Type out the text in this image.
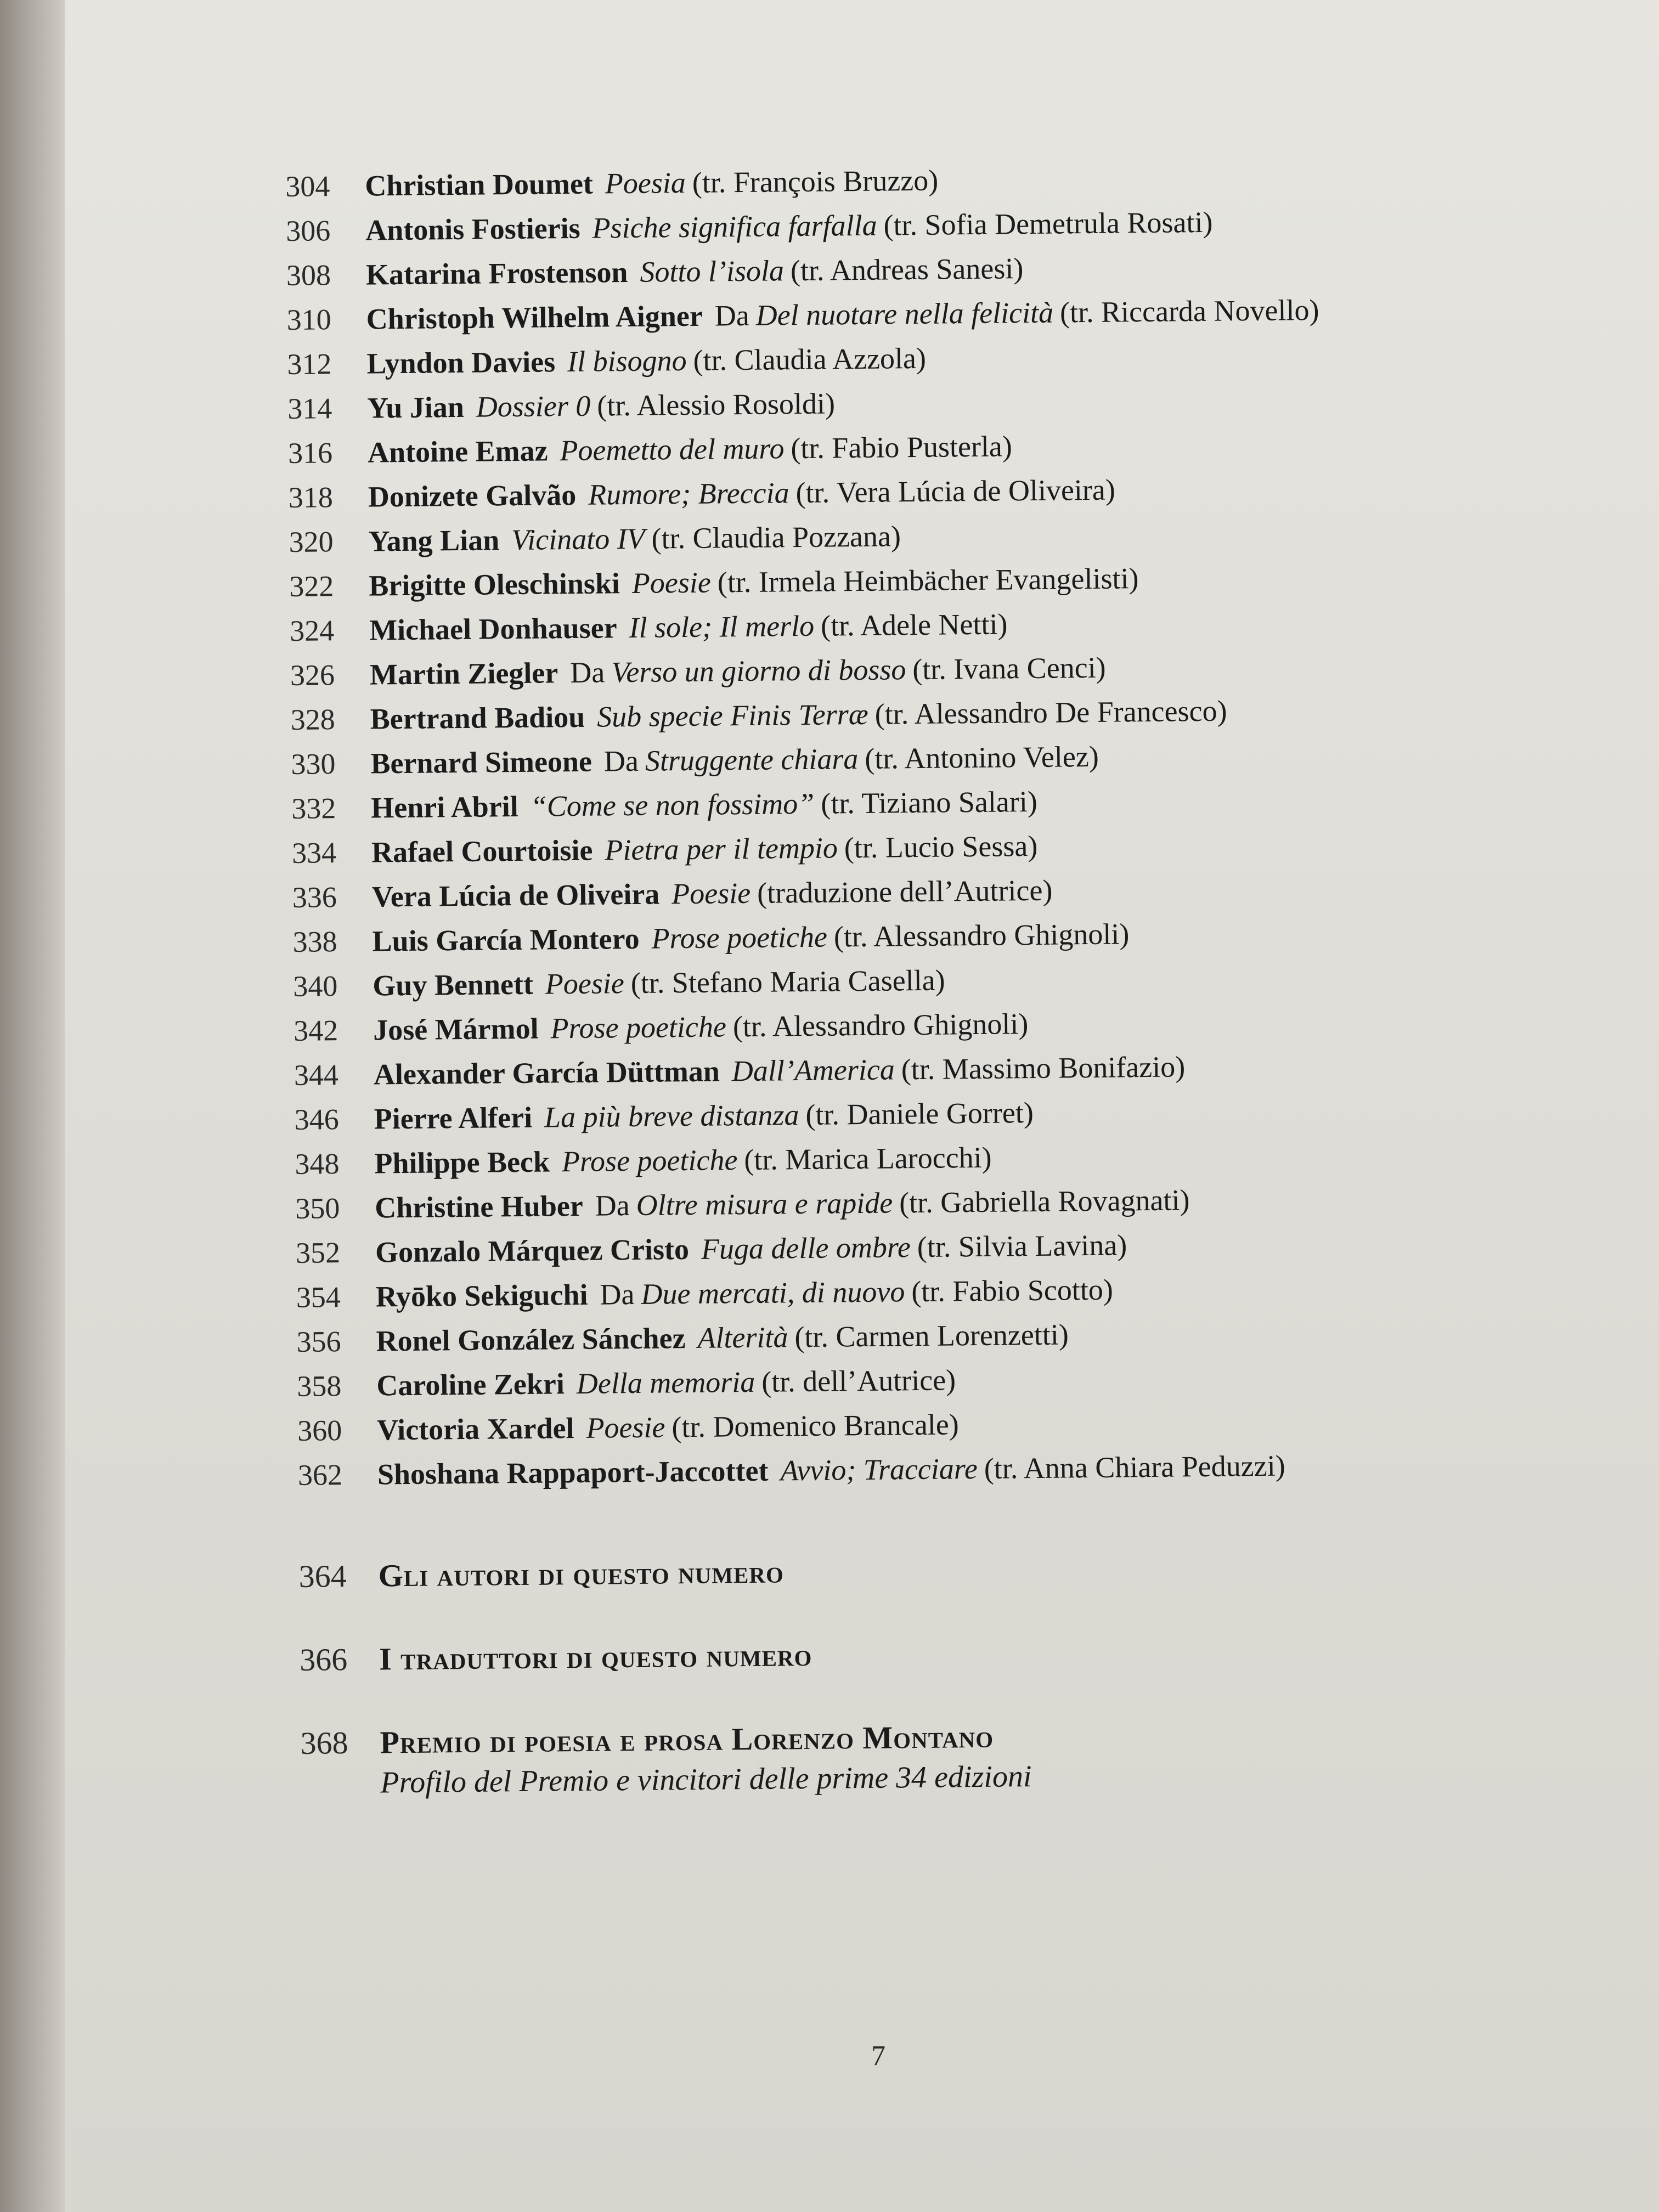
304	Christian Doumet Poesia (tr. François Bruzzo)
306	Antonis Fostieris Psiche significa farfalla (tr. Sofia Demetrula Rosati)
308	Katarina Frostenson Sotto l’isola (tr. Andreas Sanesi)
310	Christoph Wilhelm Aigner Da Del nuotare nella felicità (tr. Riccarda Novello)
312	Lyndon Davies Il bisogno (tr. Claudia Azzola)
314	Yu Jian Dossier 0 (tr. Alessio Rosoldi)
316	Antoine Emaz Poemetto del muro (tr. Fabio Pusterla)
318	Donizete Galvão Rumore; Breccia (tr. Vera Lúcia de Oliveira)
320	Yang Lian Vicinato IV (tr. Claudia Pozzana)
322	Brigitte Oleschinski Poesie (tr. Irmela Heimbächer Evangelisti)
324	Michael Donhauser Il sole; Il merlo (tr. Adele Netti)
326	Martin Ziegler Da Verso un giorno di bosso (tr. Ivana Cenci)
328	Bertrand Badiou Sub specie Finis Terræ (tr. Alessandro De Francesco)
330	Bernard Simeone Da Struggente chiara (tr. Antonino Velez)
332	Henri Abril “Come se non fossimo” (tr. Tiziano Salari)
334	Rafael Courtoisie Pietra per il tempio (tr. Lucio Sessa)
336	Vera Lúcia de Oliveira Poesie (traduzione dell’Autrice)
338	Luis García Montero Prose poetiche (tr. Alessandro Ghignoli)
340	Guy Bennett Poesie (tr. Stefano Maria Casella)
342	José Mármol Prose poetiche (tr. Alessandro Ghignoli)
344	Alexander García Düttman Dall’America (tr. Massimo Bonifazio)
346	Pierre Alferi La più breve distanza (tr. Daniele Gorret)
348	Philippe Beck Prose poetiche (tr. Marica Larocchi)
350	Christine Huber Da Oltre misura e rapide (tr. Gabriella Rovagnati)
352	Gonzalo Márquez Cristo Fuga delle ombre (tr. Silvia Lavina)
354	Ryōko Sekiguchi Da Due mercati, di nuovo (tr. Fabio Scotto)
356	Ronel González Sánchez Alterità (tr. Carmen Lorenzetti)
358	Caroline Zekri Della memoria (tr. dell’Autrice)
360	Victoria Xardel Poesie (tr. Domenico Brancale)
362	Shoshana Rappaport-Jaccottet Avvio; Tracciare (tr. Anna Chiara Peduzzi)
364 Gli autori di questo numero
366 I traduttori di questo numero
368 Premio di poesia e prosa Lorenzo Montano
Profilo del Premio e vincitori delle prime 34 edizioni
7
